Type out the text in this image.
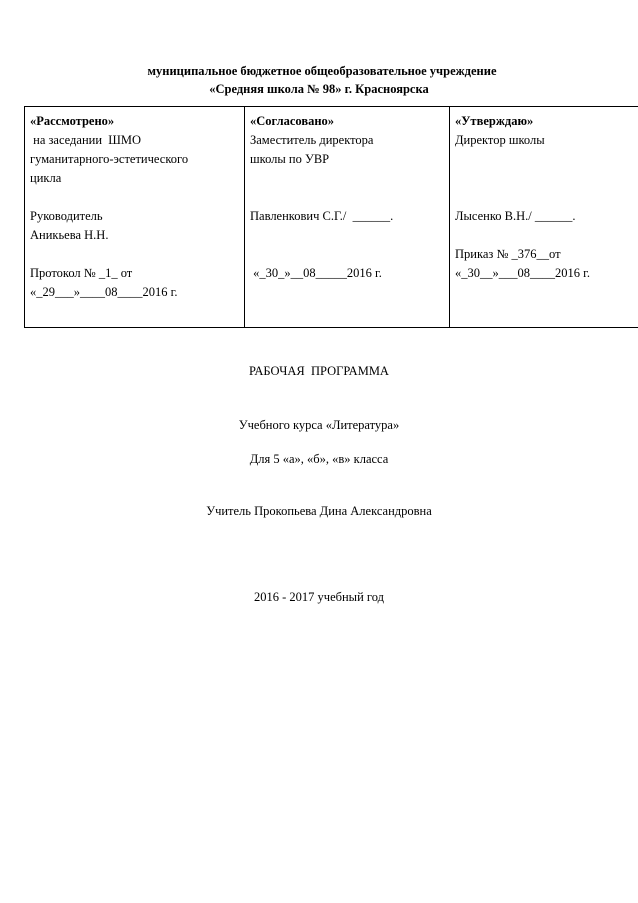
муниципальное бюджетное общеобразовательное учреждение
«Средняя школа № 98» г. Красноярска
«Рассмотрено»
на заседании  ШМО
гуманитарного-эстетического
цикла
Руководитель
Аникьева Н.Н.
Протокол № _1_ от
«_29___»____08____2016 г.

«Согласовано»
Заместитель директора
школы по УВР
Павленкович С.Г./  ______.
«_30_»__08_____2016 г.

«Утверждаю»
Директор школы
Лысенко В.Н./ ______.
Приказ № _376__от
«_30__»___08____2016 г.
РАБОЧАЯ  ПРОГРАММА
Учебного курса «Литература»
Для 5 «а», «б», «в» класса
Учитель Прокопьева Дина Александровна
2016 - 2017 учебный год
